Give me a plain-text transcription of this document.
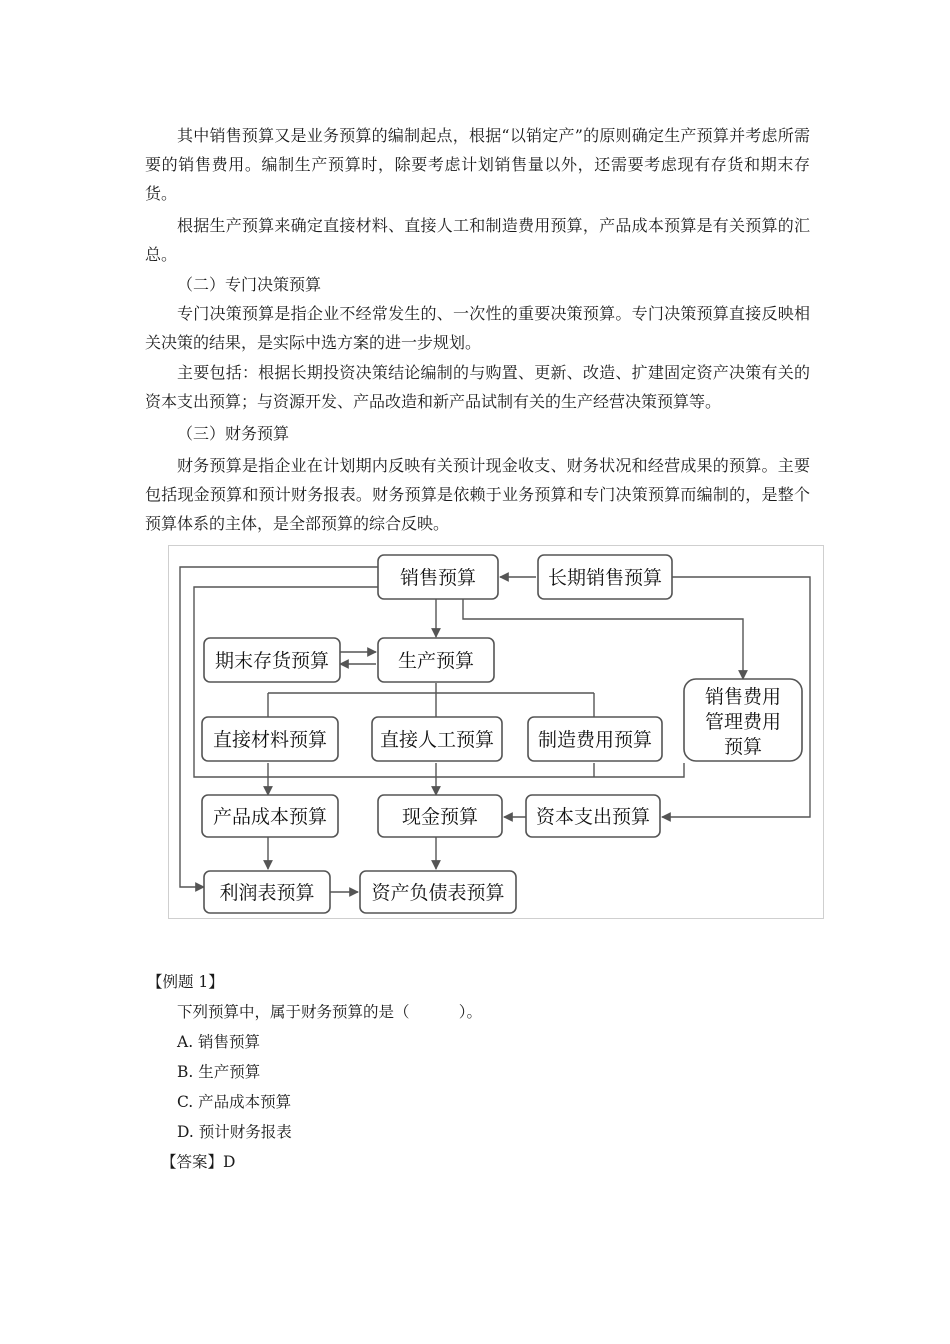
其中销售预算又是业务预算的编制起点，根据“以销定产”的原则确定生产预算并考虑所需要的销售费用。编制生产预算时，除要考虑计划销售量以外，还需要考虑现有存货和期末存货。

根据生产预算来确定直接材料、直接人工和制造费用预算，产品成本预算是有关预算的汇总。

（二）专门决策预算

专门决策预算是指企业不经常发生的、一次性的重要决策预算。专门决策预算直接反映相关决策的结果，是实际中选方案的进一步规划。

主要包括：根据长期投资决策结论编制的与购置、更新、改造、扩建固定资产决策有关的资本支出预算；与资源开发、产品改造和新产品试制有关的生产经营决策预算等。

（三）财务预算

财务预算是指企业在计划期内反映有关预计现金收支、财务状况和经营成果的预算。主要包括现金预算和预计财务报表。财务预算是依赖于业务预算和专门决策预算而编制的，是整个预算体系的主体，是全部预算的综合反映。

销售预算	长期销售预算
期末存货预算	生产预算
销售费用
管理费用
预算
直接材料预算	直接人工预算 制造费用预算
产品成本预算	现金预算	资本支出预算
利润表预算	资产负债表预算

【例题 1】

下列预算中，属于财务预算的是（          ）。

A. 销售预算

B. 生产预算

C. 产品成本预算

D. 预计财务报表

【答案】D
